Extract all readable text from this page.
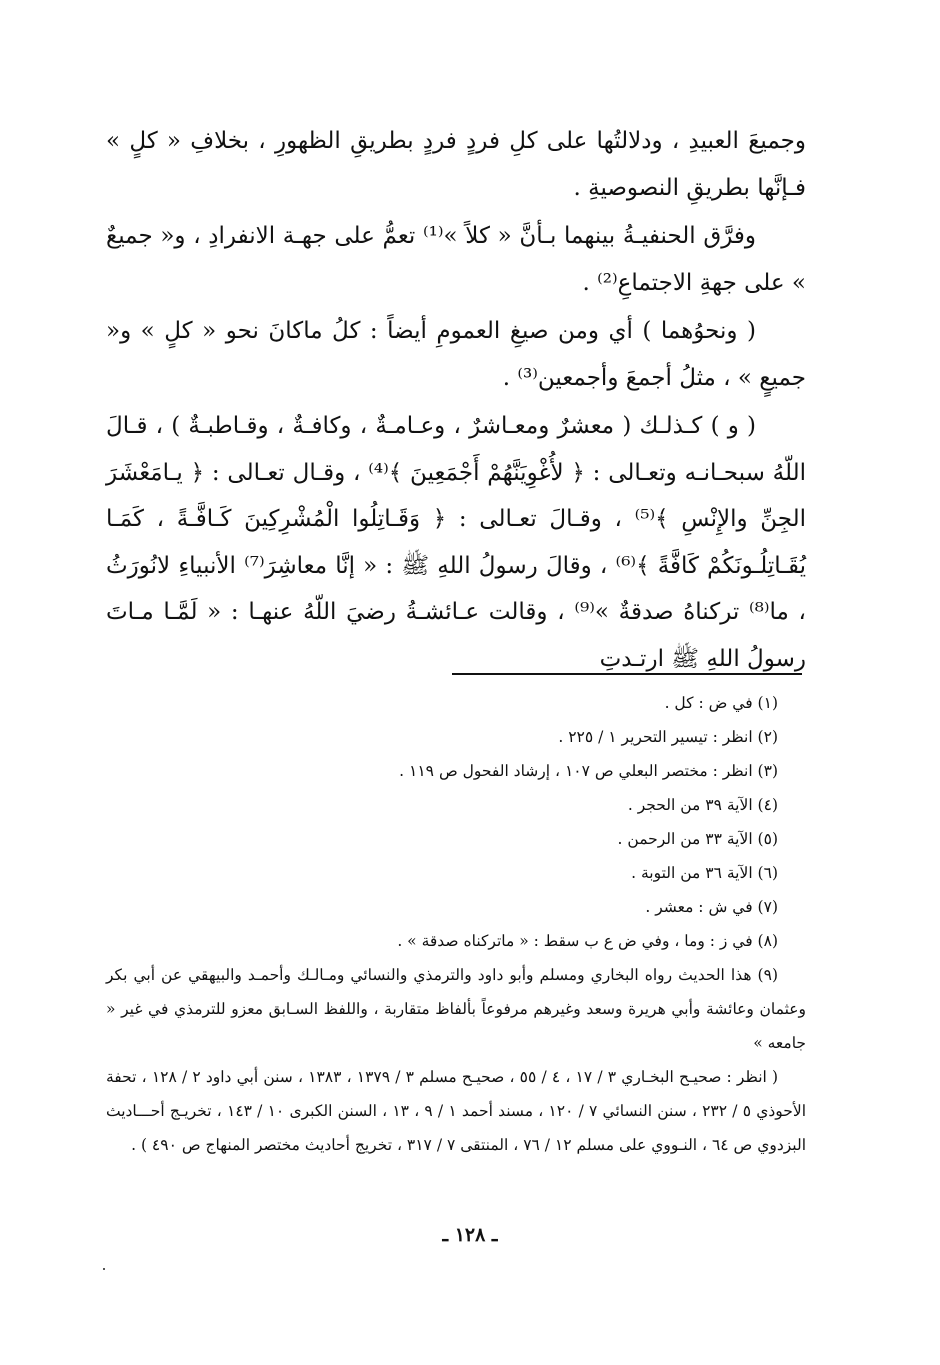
وجميعَ العبيدِ ، ودلالتُها على كلِ فردٍ فردٍ بطريقِ الظهورِ ، بخلافِ « كلٍ » فـإنَّها بطريقِ النصوصيةِ .

وفرَّق الحنفيـةُ بينهما بـأنَّ « كلاً »⁽¹⁾ تعمُّ على جهـة الانفرادِ ، و« جميعٌ » على جهةِ الاجتماعِ⁽²⁾ .

( ونحوُهما ) أي ومن صيغِ العمومِ أيضاً : كلُ ماكانَ نحو « كلٍ » و« جميعٍ » ، مثلُ أجمعَ وأجمعين⁽³⁾ .

( و ) كـذلـك ( معشرٌ ومعـاشرٌ ، وعـامـةٌ ، وكافـةٌ ، وقـاطبـةٌ ) ، قـالَ اللّهُ سبحـانـه وتعـالى : ﴿ لأُغْوِيَنَّهُمْ أَجْمَعِينَ ﴾⁽⁴⁾ ، وقـال تعـالى : ﴿ يـامَعْشَرَ الجِنِّ والإِنْسِ ﴾⁽⁵⁾ ، وقـالَ تعـالى : ﴿ وَقَـاتِلُوا الْمُشْرِكِينَ كَـافَّـةً ، كَمَـا يُقَـاتِلُـونَكُمْ كَافَّةً ﴾⁽⁶⁾ ، وقالَ رسولُ اللهِ ﷺ : « إنَّا معاشِرَ⁽⁷⁾ الأنبياءِ لانُورَثُ ، ما⁽⁸⁾ تركناهُ صدقةٌ »⁽⁹⁾ ، وقالت عـائشـةُ رضيَ اللّهُ عنهـا : « لَمَّـا مـاتَ رسولُ اللهِ ﷺ ارتـدتِ

(١) في ض : كل .

(٢) انظر : تيسير التحرير ١ / ٢٢٥ .

(٣) انظر : مختصر البعلي ص ١٠٧ ، إرشاد الفحول ص ١١٩ .

(٤) الآية ٣٩ من الحجر .

(٥) الآية ٣٣ من الرحمن .

(٦) الآية ٣٦ من التوبة .

(٧) في ش : معشر .

(٨) في ز : وما ، وفي ض ع ب سقط : « ماتركناه صدقة » .

(٩) هذا الحديث رواه البخاري ومسلم وأبو داود والترمذي والنسائي ومـالـك وأحمـد والبيهقي عن أبي بكر وعثمان وعائشة وأبي هريرة وسعد وغيرهم مرفوعاً بألفاظ متقاربة ، واللفظ السـابق معزو للترمذي في غير « جامعه »

( انظر : صحيـح البخـاري ٣ / ١٧ ، ٤ / ٥٥ ، صحيـح مسلم ٣ / ١٣٧٩ ، ١٣٨٣ ، سنن أبي داود ٢ / ١٢٨ ، تحفة الأحوذي ٥ / ٢٣٢ ، سنن النسائي ٧ / ١٢٠ ، مسند أحمد ١ / ٩ ، ١٣ ، السنن الكبرى ١٠ / ١٤٣ ، تخريـج أحـــاديث البزدوي ص ٦٤ ، النـووي على مسلم ١٢ / ٧٦ ، المنتقى ٧ / ٣١٧ ، تخريج أحاديث مختصر المنهاج ص ٤٩٠ ) .

ـ ١٢٨ ـ
